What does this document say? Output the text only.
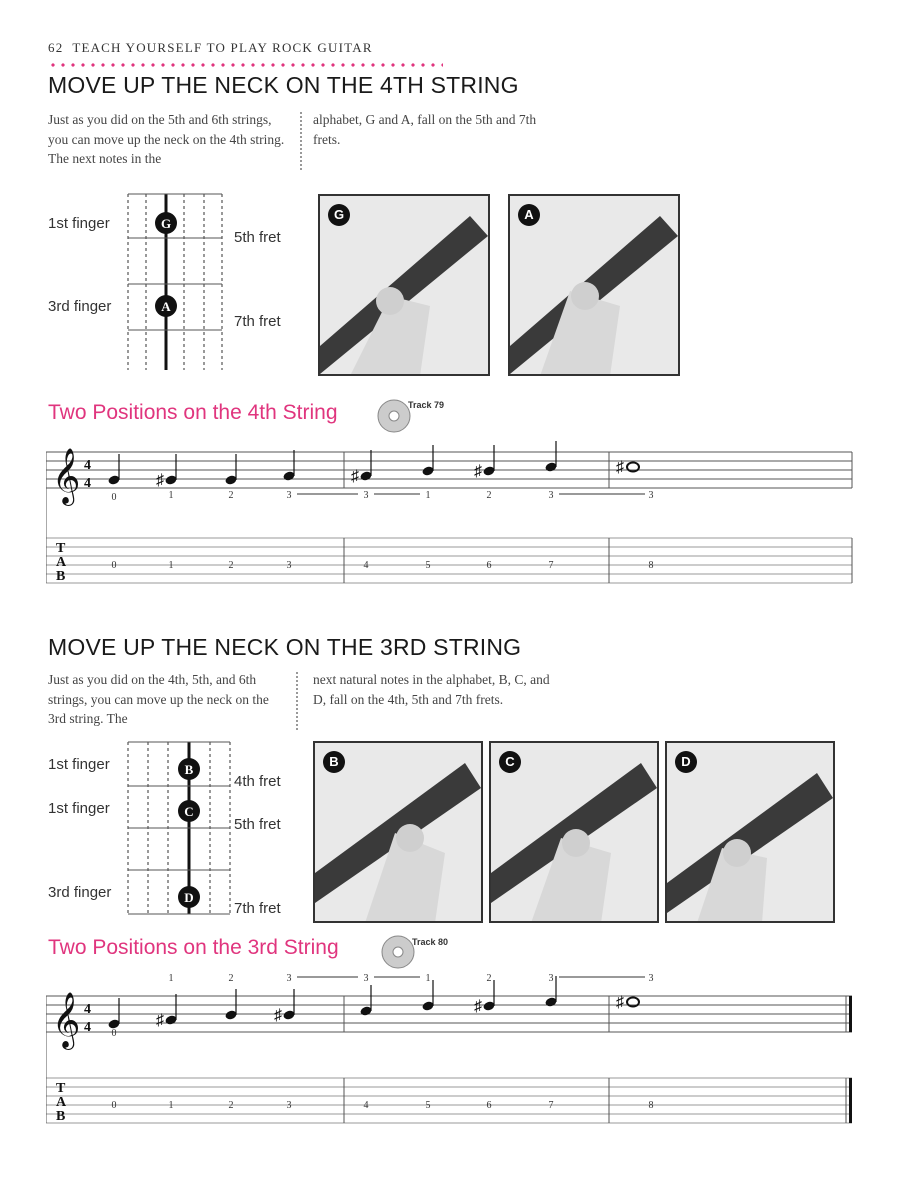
62 TEACH YOURSELF TO PLAY ROCK GUITAR
MOVE UP THE NECK ON THE 4TH STRING
Just as you did on the 5th and 6th strings, you can move up the neck on the 4th string. The next notes in the
alphabet, G and A, fall on the 5th and 7th frets.
G
A
1st finger
3rd finger
5th fret
7th fret
G	A
Two Positions on the 4th String	Track 79
𝄞 4
4
T
A
B
0
0
♯
1
1
2
2
3
3
♯
3
4
1
5
♯
2
6
3
7
♯
3
8
MOVE UP THE NECK ON THE 3RD STRING
Just as you did on the 4th, 5th, and 6th strings, you can move up the neck on the 3rd string. The
next natural notes in the alphabet, B, C, and D, fall on the 4th, 5th and 7th frets.
B
C
D
1st finger
1st finger
3rd finger
4th fret
5th fret
7th fret
B	C	D
Two Positions on the 3rd String	Track 80
𝄞 4
4
T
A
B
0
0
♯
1
1
2
2
♯
3
3
3
4
1
5
♯
2
6
3
7
♯
3
8
